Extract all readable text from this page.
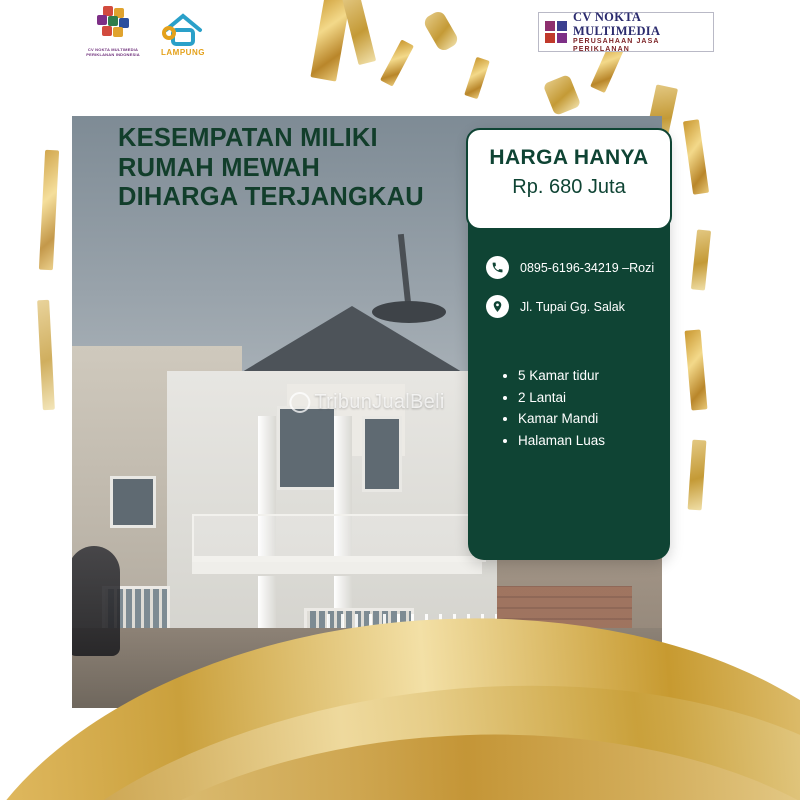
CV NOKTA MULTIMEDIA PERIKLANAN INDONESIA	LAMPUNG
CV NOKTA MULTIMEDIA
PERUSAHAAN JASA PERIKLANAN
TribunJualBeli
KESEMPATAN MILIKI
RUMAH MEWAH
DIHARGA TERJANGKAU
HARGA HANYA
Rp. 680 Juta
0895-6196-34219 –Rozi
Jl. Tupai Gg. Salak
• 5 Kamar tidur
• 2 Lantai
• Kamar Mandi
• Halaman Luas
